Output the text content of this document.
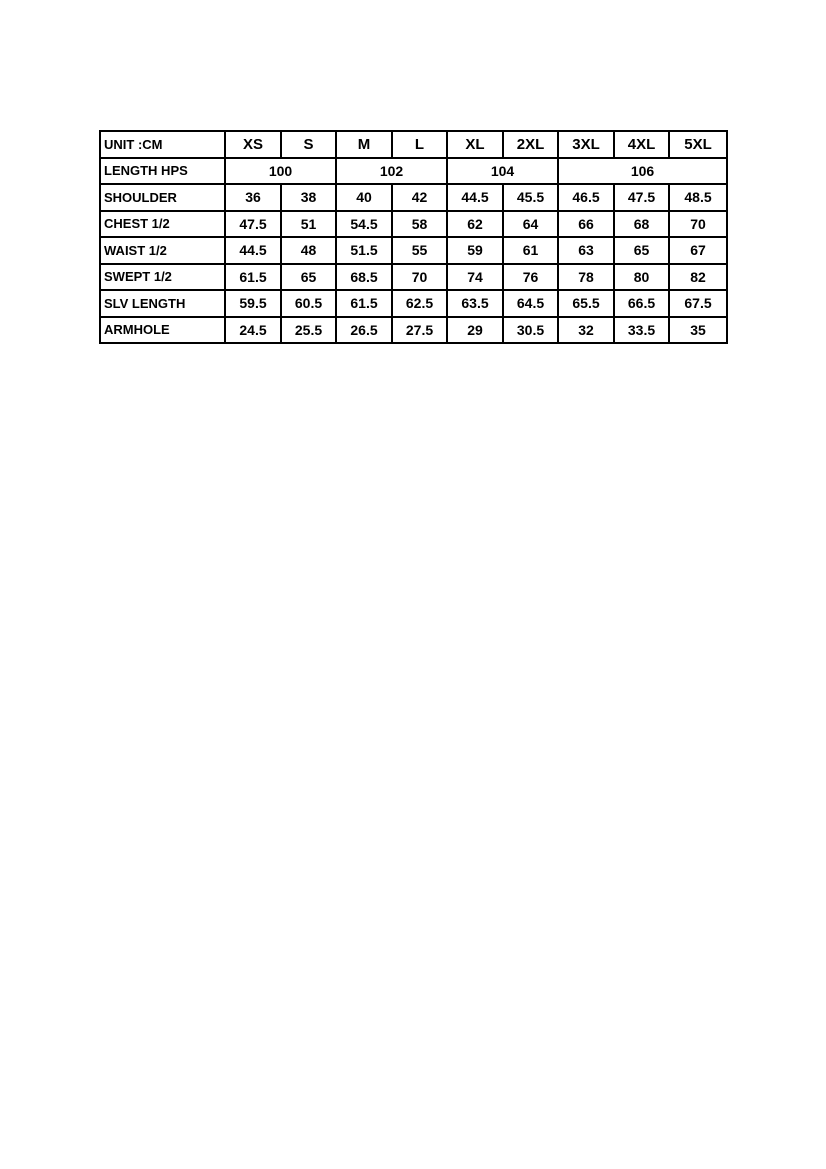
UNIT :CM	XS	S	M	L	XL	2XL	3XL	4XL	5XL
LENGTH HPS	100		102		104		106		
SHOULDER	36	38	40	42	44.5	45.5	46.5	47.5	48.5
CHEST 1/2	47.5	51	54.5	58	62	64	66	68	70
WAIST 1/2	44.5	48	51.5	55	59	61	63	65	67
SWEPT 1/2	61.5	65	68.5	70	74	76	78	80	82
SLV LENGTH	59.5	60.5	61.5	62.5	63.5	64.5	65.5	66.5	67.5
ARMHOLE	24.5	25.5	26.5	27.5	29	30.5	32	33.5	35
